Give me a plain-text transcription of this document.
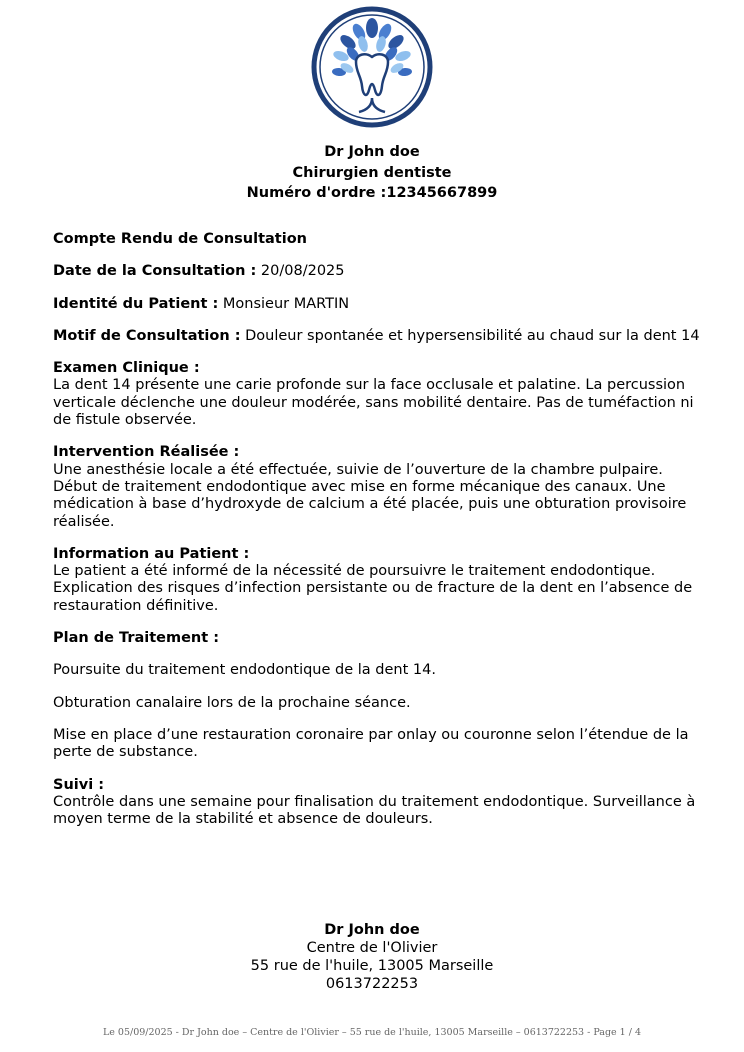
Dr John doe
Chirurgien dentiste
Numéro d'ordre :12345667899

Compte Rendu de Consultation

Date de la Consultation : 20/08/2025

Identité du Patient : Monsieur MARTIN

Motif de Consultation : Douleur spontanée et hypersensibilité au chaud sur la dent 14

Examen Clinique :
La dent 14 présente une carie profonde sur la face occlusale et palatine. La percussion verticale déclenche une douleur modérée, sans mobilité dentaire. Pas de tuméfaction ni de fistule observée.
Intervention Réalisée :
Une anesthésie locale a été effectuée, suivie de l’ouverture de la chambre pulpaire. Début de traitement endodontique avec mise en forme mécanique des canaux. Une médication à base d’hydroxyde de calcium a été placée, puis une obturation provisoire réalisée.
Information au Patient :
Le patient a été informé de la nécessité de poursuivre le traitement endodontique. Explication des risques d’infection persistante ou de fracture de la dent en l’absence de restauration définitive.

Plan de Traitement :

Poursuite du traitement endodontique de la dent 14.

Obturation canalaire lors de la prochaine séance.

Mise en place d’une restauration coronaire par onlay ou couronne selon l’étendue de la perte de substance.

Suivi :
Contrôle dans une semaine pour finalisation du traitement endodontique. Surveillance à moyen terme de la stabilité et absence de douleurs.
Dr John doe
Centre de l'Olivier
55 rue de l'huile, 13005 Marseille
0613722253
Le 05/09/2025 - Dr John doe – Centre de l'Olivier – 55 rue de l'huile, 13005 Marseille – 0613722253 - Page 1 / 4
